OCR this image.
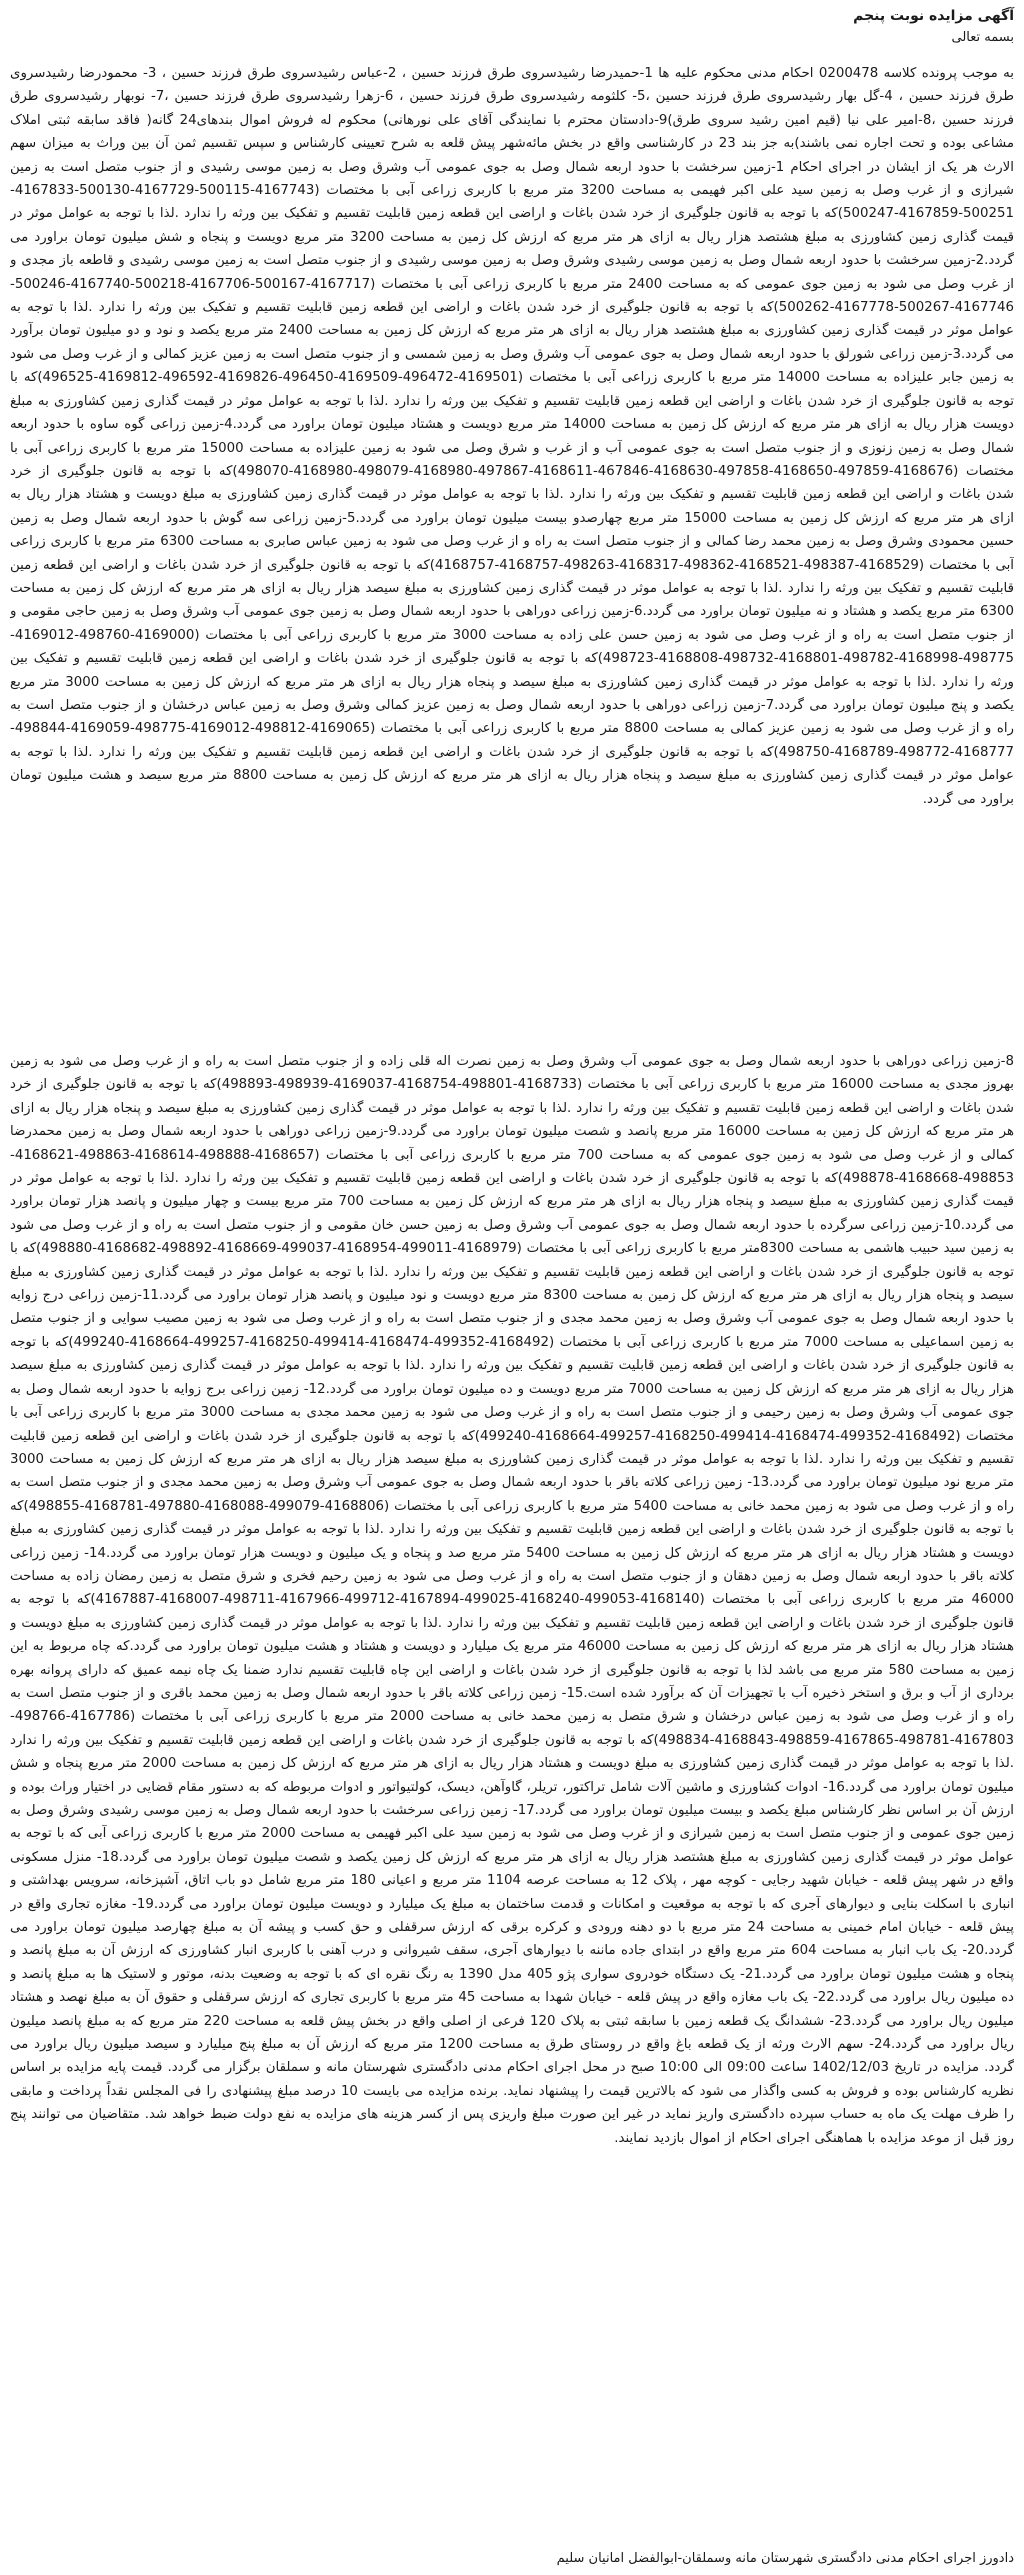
آگهی مزایده نوبت پنجم
بسمه تعالی

به موجب پرونده کلاسه 0200478 احکام مدنی محکوم علیه ها 1-حمیدرضا رشیدسروی طرق فرزند حسین ، 2-عباس رشیدسروی طرق فرزند حسین ، 3- محمودرضا رشیدسروی طرق فرزند حسین ، 4-گل بهار رشیدسروی طرق فرزند حسین ،5- کلثومه رشیدسروی طرق فرزند حسین ، 6-زهرا رشیدسروی طرق فرزند حسین ،7- نوبهار رشیدسروی طرق فرزند حسین ،8-امیر علی نیا (قیم امین رشید سروی طرق)9-دادستان محترم با نمایندگی آقای علی نورهانی) محکوم له فروش اموال بندهای24 گانه( فاقد سابقه ثبتی املاک مشاعی بوده و تحت اجاره نمی باشند)به جز بند 23 در کارشناسی واقع در بخش مائه‌شهر پیش قلعه به شرح تعیینی کارشناس و سپس تقسیم ثمن آن بین وراث به میزان سهم الارث هر یک از ایشان در اجرای احکام 1-زمین سرخشت با حدود اربعه شمال وصل به جوی عمومی آب وشرق وصل به زمین موسی رشیدی و از جنوب متصل است به زمین شیرازی و از غرب وصل به زمین سید علی اکبر فهیمی به مساحت 3200 متر مربع با کاربری زراعی آبی با مختصات (4167743-500115-4167729-500130-4167833-500251-4167859-500247)که با توجه به قانون جلوگیری از خرد شدن باغات و اراضی این قطعه زمین قابلیت تقسیم و تفکیک بین ورثه را ندارد .لذا با توجه به عوامل موثر در قیمت گذاری زمین کشاورزی به مبلغ هشتصد هزار ریال به ازای هر متر مربع که ارزش کل زمین به مساحت 3200 متر مربع دویست و پنجاه و شش میلیون تومان براورد می گردد.2-زمین سرخشت با حدود اربعه شمال وصل به زمین موسی رشیدی وشرق وصل به زمین موسی رشیدی و از جنوب متصل است به زمین موسی رشیدی و قاطعه باز مجدی و از غرب وصل می شود به زمین جوی عمومی که به مساحت 2400 متر مربع با کاربری زراعی آبی با مختصات (4167717-500167-4167706-500218-4167740-500246-4167746-500267-4167778-500262)که با توجه به قانون جلوگیری از خرد شدن باغات و اراضی این قطعه زمین قابلیت تقسیم و تفکیک بین ورثه را ندارد .لذا با توجه به عوامل موثر در قیمت گذاری زمین کشاورزی به مبلغ هشتصد هزار ریال به ازای هر متر مربع که ارزش کل زمین به مساحت 2400 متر مربع یکصد و نود و دو میلیون تومان برآورد می گردد.3-زمین زراعی شورلق با حدود اربعه شمال وصل به جوی عمومی آب وشرق وصل به زمین شمسی و از جنوب متصل است به زمین عزیز کمالی و از غرب وصل می شود به زمین جابر علیزاده به مساحت 14000 متر مربع با کاربری زراعی آبی با مختصات (4169501-496472-4169509-496450-4169826-496592-4169812-496525)که با توجه به قانون جلوگیری از خرد شدن باغات و اراضی این قطعه زمین قابلیت تقسیم و تفکیک بین ورثه را ندارد .لذا با توجه به عوامل موثر در قیمت گذاری زمین کشاورزی به مبلغ دویست هزار ریال به ازای هر متر مربع که ارزش کل زمین به مساحت 14000 متر مربع دویست و هشتاد میلیون تومان براورد می گردد.4-زمین زراعی گوه ساوه با حدود اربعه شمال وصل به زمین زنوزی و از جنوب متصل است به جوی عمومی آب و از غرب و شرق وصل می شود به زمین علیزاده به مساحت 15000 متر مربع با کاربری زراعی آبی با مختصات (4168676-497859-4168650-497858-4168630-467846-4168611-497867-4168980-498079-4168980-498070)که با توجه به قانون جلوگیری از خرد شدن باغات و اراضی این قطعه زمین قابلیت تقسیم و تفکیک بین ورثه را ندارد .لذا با توجه به عوامل موثر در قیمت گذاری زمین کشاورزی به مبلغ دویست و هشتاد هزار ریال به ازای هر متر مربع که ارزش کل زمین به مساحت 15000 متر مربع چهارصدو بیست میلیون تومان براورد می گردد.5-زمین زراعی سه گوش با حدود اربعه شمال وصل به زمین حسین محمودی وشرق وصل به زمین محمد رضا کمالی و از جنوب متصل است به راه و از غرب وصل می شود به زمین عباس صابری به مساحت 6300 متر مربع با کاربری زراعی آبی با مختصات (4168529-498387-4168521-498362-4168317-498263-4168757-4168757)که با توجه به قانون جلوگیری از خرد شدن باغات و اراضی این قطعه زمین قابلیت تقسیم و تفکیک بین ورثه را ندارد .لذا با توجه به عوامل موثر در قیمت گذاری زمین کشاورزی به مبلغ سیصد هزار ریال به ازای هر متر مربع که ارزش کل زمین به مساحت 6300 متر مربع یکصد و هشتاد و نه میلیون تومان براورد می گردد.6-زمین زراعی دوراهی با حدود اربعه شمال وصل به زمین جوی عمومی آب وشرق وصل به زمین حاجی مقومی و از جنوب متصل است به راه و از غرب وصل می شود به زمین حسن علی زاده به مساحت 3000 متر مربع با کاربری زراعی آبی با مختصات (4169000-498760-4169012-498775-4168998-498782-4168801-498732-4168808-498723)که با توجه به قانون جلوگیری از خرد شدن باغات و اراضی این قطعه زمین قابلیت تقسیم و تفکیک بین ورثه را ندارد .لذا با توجه به عوامل موثر در قیمت گذاری زمین کشاورزی به مبلغ سیصد و پنجاه هزار ریال به ازای هر متر مربع که ارزش کل زمین به مساحت 3000 متر مربع یکصد و پنج میلیون تومان براورد می گردد.7-زمین زراعی دوراهی با حدود اربعه شمال وصل به زمین عزیز کمالی وشرق وصل به زمین عباس درخشان و از جنوب متصل است به راه و از غرب وصل می شود به زمین عزیز کمالی به مساحت 8800 متر مربع با کاربری زراعی آبی با مختصات (4169065-498812-4169012-498775-4169059-498844-4168777-498772-4168789-498750)که با توجه به قانون جلوگیری از خرد شدن باغات و اراضی این قطعه زمین قابلیت تقسیم و تفکیک بین ورثه را ندارد .لذا با توجه به عوامل موثر در قیمت گذاری زمین کشاورزی به مبلغ سیصد و پنجاه هزار ریال به ازای هر متر مربع که ارزش کل زمین به مساحت 8800 متر مربع سیصد و هشت میلیون تومان براورد می گردد.

8-زمین زراعی دوراهی با حدود اربعه شمال وصل به جوی عمومی آب وشرق وصل به زمین نصرت اله قلی زاده و از جنوب متصل است به راه و از غرب وصل می شود به زمین بهروز مجدی به مساحت 16000 متر مربع با کاربری زراعی آبی با مختصات (4168733-498801-4168754-4169037-498939-498893)که با توجه به قانون جلوگیری از خرد شدن باغات و اراضی این قطعه زمین قابلیت تقسیم و تفکیک بین ورثه را ندارد .لذا با توجه به عوامل موثر در قیمت گذاری زمین کشاورزی به مبلغ سیصد و پنجاه هزار ریال به ازای هر متر مربع که ارزش کل زمین به مساحت 16000 متر مربع پانصد و شصت میلیون تومان براورد می گردد.9-زمین زراعی دوراهی با حدود اربعه شمال وصل به زمین محمدرضا کمالی و از غرب وصل می شود به زمین جوی عمومی که به مساحت 700 متر مربع با کاربری زراعی آبی با مختصات (4168657-498888-4168614-498863-4168621-498853-4168668-498878)که با توجه به قانون جلوگیری از خرد شدن باغات و اراضی این قطعه زمین قابلیت تقسیم و تفکیک بین ورثه را ندارد .لذا با توجه به عوامل موثر در قیمت گذاری زمین کشاورزی به مبلغ سیصد و پنجاه هزار ریال به ازای هر متر مربع که ارزش کل زمین به مساحت 700 متر مربع بیست و چهار میلیون و پانصد هزار تومان براورد می گردد.10-زمین زراعی سرگرده با حدود اربعه شمال وصل به جوی عمومی آب وشرق وصل به زمین حسن خان مقومی و از جنوب متصل است به راه و از غرب وصل می شود به زمین سید حبیب هاشمی به مساحت 8300متر مربع با کاربری زراعی آبی با مختصات (4168979-499011-4168954-499037-4168669-498892-4168682-498880)که با توجه به قانون جلوگیری از خرد شدن باغات و اراضی این قطعه زمین قابلیت تقسیم و تفکیک بین ورثه را ندارد .لذا با توجه به عوامل موثر در قیمت گذاری زمین کشاورزی به مبلغ سیصد و پنجاه هزار ریال به ازای هر متر مربع که ارزش کل زمین به مساحت 8300 متر مربع دویست و نود میلیون و پانصد هزار تومان براورد می گردد.11-زمین زراعی درج زوایه با حدود اربعه شمال وصل به جوی عمومی آب وشرق وصل به زمین محمد مجدی و از جنوب متصل است به راه و از غرب وصل می شود به زمین مصیب سوایی و از جنوب متصل به زمین اسماعیلی به مساحت 7000 متر مربع با کاربری زراعی آبی با مختصات (4168492-499352-4168474-499414-4168250-499257-4168664-499240)که با توجه به قانون جلوگیری از خرد شدن باغات و اراضی این قطعه زمین قابلیت تقسیم و تفکیک بین ورثه را ندارد .لذا با توجه به عوامل موثر در قیمت گذاری زمین کشاورزی به مبلغ سیصد هزار ریال به ازای هر متر مربع که ارزش کل زمین به مساحت 7000 متر مربع دویست و ده میلیون تومان براورد می گردد.12- زمین زراعی برج زوایه با حدود اربعه شمال وصل به جوی عمومی آب وشرق وصل به زمین رحیمی و از جنوب متصل است به راه و از غرب وصل می شود به زمین محمد مجدی به مساحت 3000 متر مربع با کاربری زراعی آبی با مختصات (4168492-499352-4168474-499414-4168250-499257-4168664-499240)که با توجه به قانون جلوگیری از خرد شدن باغات و اراضی این قطعه زمین قابلیت تقسیم و تفکیک بین ورثه را ندارد .لذا با توجه به عوامل موثر در قیمت گذاری زمین کشاورزی به مبلغ سیصد هزار ریال به ازای هر متر مربع که ارزش کل زمین به مساحت 3000 متر مربع نود میلیون تومان براورد می گردد.13- زمین زراعی کلاته باقر با حدود اربعه شمال وصل به جوی عمومی آب وشرق وصل به زمین محمد مجدی و از جنوب متصل است به راه و از غرب وصل می شود به زمین محمد خانی به مساحت 5400 متر مربع با کاربری زراعی آبی با مختصات (4168806-499079-4168088-497880-4168781-498855)که با توجه به قانون جلوگیری از خرد شدن باغات و اراضی این قطعه زمین قابلیت تقسیم و تفکیک بین ورثه را ندارد .لذا با توجه به عوامل موثر در قیمت گذاری زمین کشاورزی به مبلغ دویست و هشتاد هزار ریال به ازای هر متر مربع که ارزش کل زمین به مساحت 5400 متر مربع صد و پنجاه و یک میلیون و دویست هزار تومان براورد می گردد.14- زمین زراعی کلاته باقر با حدود اربعه شمال وصل به زمین دهقان و از جنوب متصل است به راه و از غرب وصل می شود به زمین رحیم فخری و شرق متصل به زمین رمضان زاده به مساحت 46000 متر مربع با کاربری زراعی آبی با مختصات (4168140-499053-4168240-499025-4167894-499712-4167966-498711-4168007-4167887)که با توجه به قانون جلوگیری از خرد شدن باغات و اراضی این قطعه زمین قابلیت تقسیم و تفکیک بین ورثه را ندارد .لذا با توجه به عوامل موثر در قیمت گذاری زمین کشاورزی به مبلغ دویست و هشتاد هزار ریال به ازای هر متر مربع که ارزش کل زمین به مساحت 46000 متر مربع یک میلیارد و دویست و هشتاد و هشت میلیون تومان براورد می گردد.که چاه مربوط به این زمین به مساحت 580 متر مربع می باشد لذا با توجه به قانون جلوگیری از خرد شدن باغات و اراضی این چاه قابلیت تقسیم ندارد ضمنا یک چاه نیمه عمیق که دارای پروانه بهره برداری از آب و برق و استخر ذخیره آب با تجهیزات آن که برآورد شده است.15- زمین زراعی کلاته باقر با حدود اربعه شمال وصل به زمین محمد باقری و از جنوب متصل است به راه و از غرب وصل می شود به زمین عباس درخشان و شرق متصل به زمین محمد خانی به مساحت 2000 متر مربع با کاربری زراعی آبی با مختصات (4167786-498766-4167803-498781-4167865-498859-4168843-498834)که با توجه به قانون جلوگیری از خرد شدن باغات و اراضی این قطعه زمین قابلیت تقسیم و تفکیک بین ورثه را ندارد .لذا با توجه به عوامل موثر در قیمت گذاری زمین کشاورزی به مبلغ دویست و هشتاد هزار ریال به ازای هر متر مربع که ارزش کل زمین به مساحت 2000 متر مربع پنجاه و شش میلیون تومان براورد می گردد.16- ادوات کشاورزی و ماشین آلات شامل تراکتور، تریلر، گاوآهن، دیسک، کولتیواتور و ادوات مربوطه که به دستور مقام قضایی در اختیار وراث بوده و ارزش آن بر اساس نظر کارشناس مبلغ یکصد و بیست میلیون تومان براورد می گردد.17- زمین زراعی سرخشت با حدود اربعه شمال وصل به زمین موسی رشیدی وشرق وصل به زمین جوی عمومی و از جنوب متصل است به زمین شیرازی و از غرب وصل می شود به زمین سید علی اکبر فهیمی به مساحت 2000 متر مربع با کاربری زراعی آبی که با توجه به عوامل موثر در قیمت گذاری زمین کشاورزی به مبلغ هشتصد هزار ریال به ازای هر متر مربع که ارزش کل زمین یکصد و شصت میلیون تومان براورد می گردد.18- منزل مسکونی واقع در شهر پیش قلعه - خیابان شهید رجایی - کوچه مهر ، پلاک 12 به مساحت عرصه 1104 متر مربع و اعیانی 180 متر مربع شامل دو باب اتاق، آشپزخانه، سرویس بهداشتی و انباری با اسکلت بنایی و دیوارهای آجری که با توجه به موقعیت و امکانات و قدمت ساختمان به مبلغ یک میلیارد و دویست میلیون تومان براورد می گردد.19- مغازه تجاری واقع در پیش قلعه - خیابان امام خمینی به مساحت 24 متر مربع با دو دهنه ورودی و کرکره برقی که ارزش سرقفلی و حق کسب و پیشه آن به مبلغ چهارصد میلیون تومان براورد می گردد.20- یک باب انبار به مساحت 604 متر مربع واقع در ابتدای جاده ماننه با دیوارهای آجری، سقف شیروانی و درب آهنی با کاربری انبار کشاورزی که ارزش آن به مبلغ پانصد و پنجاه و هشت میلیون تومان براورد می گردد.21- یک دستگاه خودروی سواری پژو 405 مدل 1390 به رنگ نقره ای که با توجه به وضعیت بدنه، موتور و لاستیک ها به مبلغ پانصد و ده میلیون ریال براورد می گردد.22- یک باب مغازه واقع در پیش قلعه - خیابان شهدا به مساحت 45 متر مربع با کاربری تجاری که ارزش سرقفلی و حقوق آن به مبلغ نهصد و هشتاد میلیون ریال براورد می گردد.23- ششدانگ یک قطعه زمین با سابقه ثبتی به پلاک 120 فرعی از اصلی واقع در بخش پیش قلعه به مساحت 220 متر مربع که به مبلغ پانصد میلیون ریال براورد می گردد.24- سهم الارث ورثه از یک قطعه باغ واقع در روستای طرق به مساحت 1200 متر مربع که ارزش آن به مبلغ پنج میلیارد و سیصد میلیون ریال براورد می گردد. مزایده در تاریخ 1402/12/03 ساعت 09:00 الی 10:00 صبح در محل اجرای احکام مدنی دادگستری شهرستان مانه و سملقان برگزار می گردد. قیمت پایه مزایده بر اساس نظریه کارشناس بوده و فروش به کسی واگذار می شود که بالاترین قیمت را پیشنهاد نماید. برنده مزایده می بایست 10 درصد مبلغ پیشنهادی را فی المجلس نقداً پرداخت و مابقی را ظرف مهلت یک ماه به حساب سپرده دادگستری واریز نماید در غیر این صورت مبلغ واریزی پس از کسر هزینه های مزایده به نفع دولت ضبط خواهد شد. متقاضیان می توانند پنج روز قبل از موعد مزایده با هماهنگی اجرای احکام از اموال بازدید نمایند.

دادورز اجرای احکام مدنی دادگستری شهرستان مانه وسملقان-ابوالفضل امانیان سلیم
